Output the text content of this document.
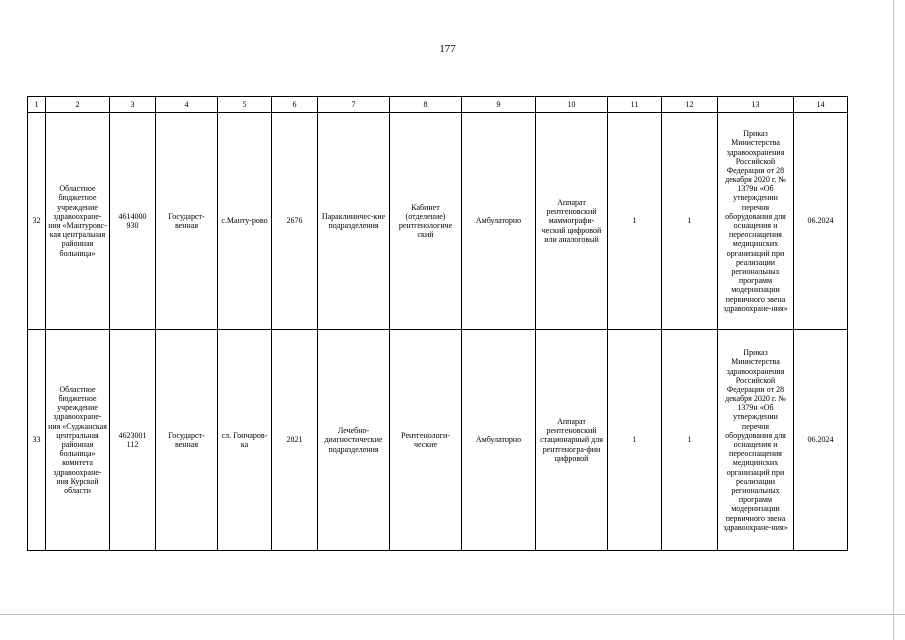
177
1	2	3	4	5	6	7	8	9	10	11	12	13	14
32	Областное бюджетное учреждение здравоохране-ния «Мантуровс-кая центральная районная больница»	4614000 930	Государст-венная	с.Манту-рово	2676	Параклиничес-кие подразделения	Кабинет (отделение) рентгенологиче ский	Амбулаторно	Аппарат рентгеновский маммографи-ческий цифровой или аналоговый	1	1	Приказ Министерства здравоохранения Российской Федерации от 28 декабря 2020 г. № 1379н «Об утверждении перечня оборудования для оснащения и переоснащения медицинских организаций при реализации региональных программ модернизации первичного звена здравоохране-ния»	06.2024
33	Областное бюджетное учреждение здравоохране-ния «Суджанская центральная районная больница» комитета здравоохране-ния Курской области	4623001 112	Государст-венная	сл. Гончаров-ка	2821	Лечебно-диагностические подразделения	Рентгенологи-ческие	Амбулаторно	Аппарат рентгеновский стационарный для рентгеногра-фии цифровой	1	1	Приказ Министерства здравоохранения Российской Федерации от 28 декабря 2020 г. № 1379н «Об утверждении перечня оборудования для оснащения и переоснащения медицинских организаций при реализации региональных программ модернизации первичного звена здравоохране-ния»	06.2024
